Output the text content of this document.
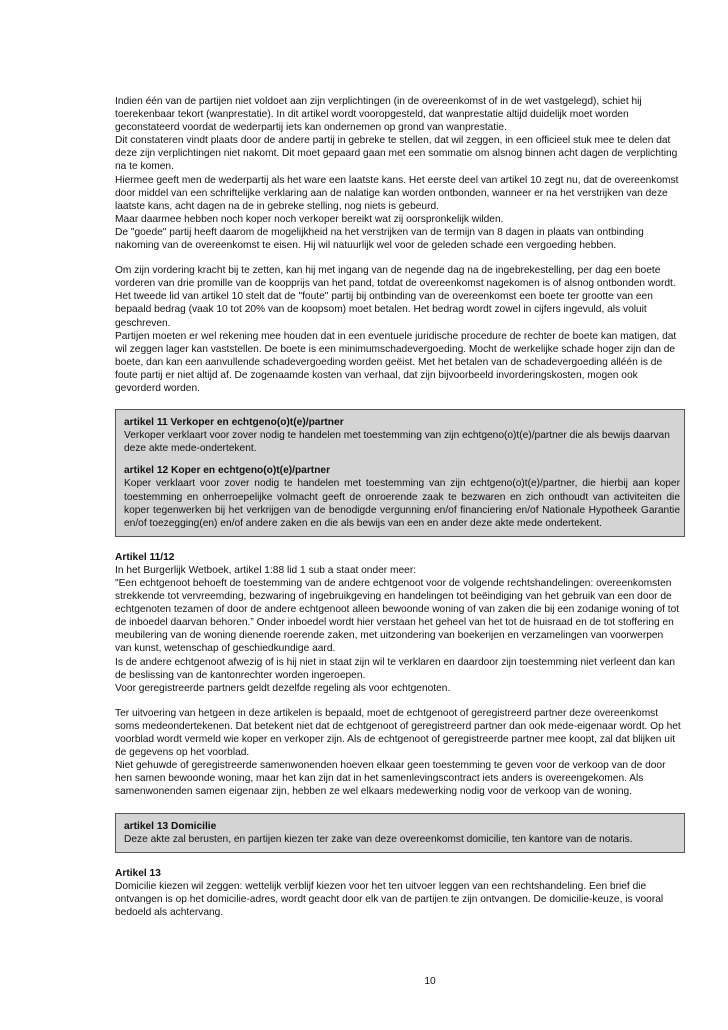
Indien één van de partijen niet voldoet aan zijn verplichtingen (in de overeenkomst of in de wet vastgelegd), schiet hij toerekenbaar tekort (wanprestatie). In dit artikel wordt vooropgesteld, dat wanprestatie altijd duidelijk moet worden geconstateerd voordat de wederpartij iets kan ondernemen op grond van wanprestatie.

Dit constateren vindt plaats door de andere partij in gebreke te stellen, dat wil zeggen, in een officieel stuk mee te delen dat deze zijn verplichtingen niet nakomt. Dit moet gepaard gaan met een sommatie om alsnog binnen acht dagen de verplichting na te komen.

Hiermee geeft men de wederpartij als het ware een laatste kans. Het eerste deel van artikel 10 zegt nu, dat de overeenkomst door middel van een schriftelijke verklaring aan de nalatige kan worden ontbonden, wanneer er na het verstrijken van deze laatste kans, acht dagen na de in gebreke stelling, nog niets is gebeurd.

Maar daarmee hebben noch koper noch verkoper bereikt wat zij oorspronkelijk wilden.

De "goede" partij heeft daarom de mogelijkheid na het verstrijken van de termijn van 8 dagen in plaats van ontbinding nakoming van de overeenkomst te eisen. Hij wil natuurlijk wel voor de geleden schade een vergoeding hebben.

Om zijn vordering kracht bij te zetten, kan hij met ingang van de negende dag na de ingebrekestelling, per dag een boete vorderen van drie promille van de koopprijs van het pand, totdat de overeenkomst nagekomen is of alsnog ontbonden wordt.

Het tweede lid van artikel 10 stelt dat de "foute" partij bij ontbinding van de overeenkomst een boete ter grootte van een bepaald bedrag (vaak 10 tot 20% van de koopsom) moet betalen. Het bedrag wordt zowel in cijfers ingevuld, als voluit geschreven.

Partijen moeten er wel rekening mee houden dat in een eventuele juridische procedure de rechter de boete kan matigen, dat wil zeggen lager kan vaststellen. De boete is een minimumschadevergoeding. Mocht de werkelijke schade hoger zijn dan de boete, dan kan een aanvullende schadevergoeding worden geëist. Met het betalen van de schadevergoeding alléén is de foute partij er niet altijd af. De zogenaamde kosten van verhaal, dat zijn bijvoorbeeld invorderingskosten, mogen ook gevorderd worden.

artikel 11 Verkoper en echtgeno(o)t(e)/partner

Verkoper verklaart voor zover nodig te handelen met toestemming van zijn echtgeno(o)t(e)/partner die als bewijs daarvan deze akte mede-ondertekent.

artikel 12 Koper en echtgeno(o)t(e)/partner

Koper verklaart voor zover nodig te handelen met toestemming van zijn echtgeno(o)t(e)/partner, die hierbij aan koper toestemming en onherroepelijke volmacht geeft de onroerende zaak te bezwaren en zich onthoudt van activiteiten die koper tegenwerken bij het verkrijgen van de benodigde vergunning en/of financiering en/of Nationale Hypotheek Garantie en/of toezegging(en) en/of andere zaken en die als bewijs van een en ander deze akte mede ondertekent.

Artikel 11/12

In het Burgerlijk Wetboek, artikel 1:88 lid 1 sub a staat onder meer:

"Een echtgenoot behoeft de toestemming van de andere echtgenoot voor de volgende rechtshandelingen: overeenkomsten strekkende tot vervreemding, bezwaring of ingebruikgeving en handelingen tot beëindiging van het gebruik van een door de echtgenoten tezamen of door de andere echtgenoot alleen bewoonde woning of van zaken die bij een zodanige woning of tot de inboedel daarvan behoren.” Onder inboedel wordt hier verstaan het geheel van het tot de huisraad en de tot stoffering en meubilering van de woning dienende roerende zaken, met uitzondering van boekerijen en verzamelingen van voorwerpen van kunst, wetenschap of geschiedkundige aard.

Is de andere echtgenoot afwezig of is hij niet in staat zijn wil te verklaren en daardoor zijn toestemming niet verleent dan kan de beslissing van de kantonrechter worden ingeroepen.

Voor geregistreerde partners geldt dezelfde regeling als voor echtgenoten.

Ter uitvoering van hetgeen in deze artikelen is bepaald, moet de echtgenoot of geregistreerd partner deze overeenkomst soms medeondertekenen. Dat betekent niet dat de echtgenoot of geregistreerd partner dan ook mede-eigenaar wordt. Op het voorblad wordt vermeld wie koper en verkoper zijn. Als de echtgenoot of geregistreerde partner mee koopt, zal dat blijken uit de gegevens op het voorblad.

Niet gehuwde of geregistreerde samenwonenden hoeven elkaar geen toestemming te geven voor de verkoop van de door hen samen bewoonde woning, maar het kan zijn dat in het samenlevingscontract iets anders is overeengekomen. Als samenwonenden samen eigenaar zijn, hebben ze wel elkaars medewerking nodig voor de verkoop van de woning.

artikel 13 Domicilie

Deze akte zal berusten, en partijen kiezen ter zake van deze overeenkomst domicilie, ten kantore van de notaris.

Artikel 13

Domicilie kiezen wil zeggen: wettelijk verblijf kiezen voor het ten uitvoer leggen van een rechtshandeling. Een brief die ontvangen is op het domicilie-adres, wordt geacht door elk van de partijen te zijn ontvangen. De domicilie-keuze, is vooral bedoeld als achtervang.

10
